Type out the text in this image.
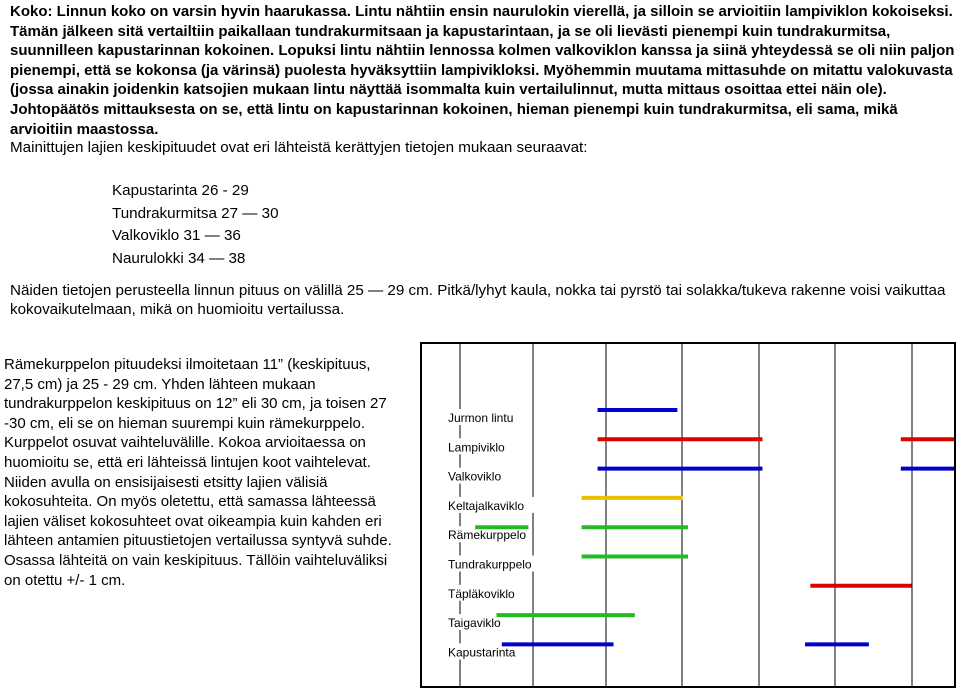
Koko: Linnun koko on varsin hyvin haarukassa. Lintu nähtiin ensin naurulokin vierellä, ja silloin se arvioitiin lampiviklon kokoiseksi. Tämän jälkeen sitä vertailtiin paikallaan tundrakurmitsaan ja kapustarintaan, ja se oli lievästi pienempi kuin tundrakurmitsa, suunnilleen kapustarinnan kokoinen. Lopuksi lintu nähtiin lennossa kolmen valkoviklon kanssa ja siinä yhteydessä se oli niin paljon pienempi, että se kokonsa (ja värinsä) puolesta hyväksyttiin lampivikloksi. Myöhemmin muutama mittasuhde on mitattu valokuvasta (jossa ainakin joidenkin katsojien mukaan lintu näyttää isommalta kuin vertailulinnut, mutta mittaus osoittaa ettei näin ole). Johtopäätös mittauksesta on se, että lintu on kapustarinnan kokoinen, hieman pienempi kuin tundrakurmitsa, eli sama, mikä arvioitiin maastossa.
Mainittujen lajien keskipituudet ovat eri lähteistä kerättyjen tietojen mukaan seuraavat:
Kapustarinta 26 - 29
Tundrakurmitsa 27 — 30
Valkoviklo 31 — 36
Naurulokki 34 — 38
Näiden tietojen perusteella linnun pituus on välillä 25 — 29 cm. Pitkä/lyhyt kaula, nokka tai pyrstö tai solakka/tukeva rakenne voisi vaikuttaa kokovaikutelmaan, mikä on huomioitu vertailussa.
Rämekurppelon pituudeksi ilmoitetaan 11” (keskipituus, 27,5 cm) ja 25 - 29 cm. Yhden lähteen mukaan tundrakurppelon keskipituus on 12” eli 30 cm, ja toisen 27 -30 cm, eli se on hieman suurempi kuin rämekurppelo. Kurppelot osuvat vaihteluvälille. Kokoa arvioitaessa on huomioitu se, että eri lähteissä lintujen koot vaihtelevat. Niiden avulla on ensisijaisesti etsitty lajien välisiä kokosuhteita. On myös oletettu, että samassa lähteessä lajien väliset kokosuhteet ovat oikeampia kuin kahden eri lähteen antamien pituustietojen vertailussa syntyvä suhde. Osassa lähteitä on vain keskipituus. Tällöin vaihteluväliksi on otettu +/- 1 cm.
Jurmon lintu
Lampiviklo
Valkoviklo
Keltajalkaviklo
Rämekurppelo
Tundrakurppelo
Täpläkoviklo
Taigaviklo
Kapustarinta
